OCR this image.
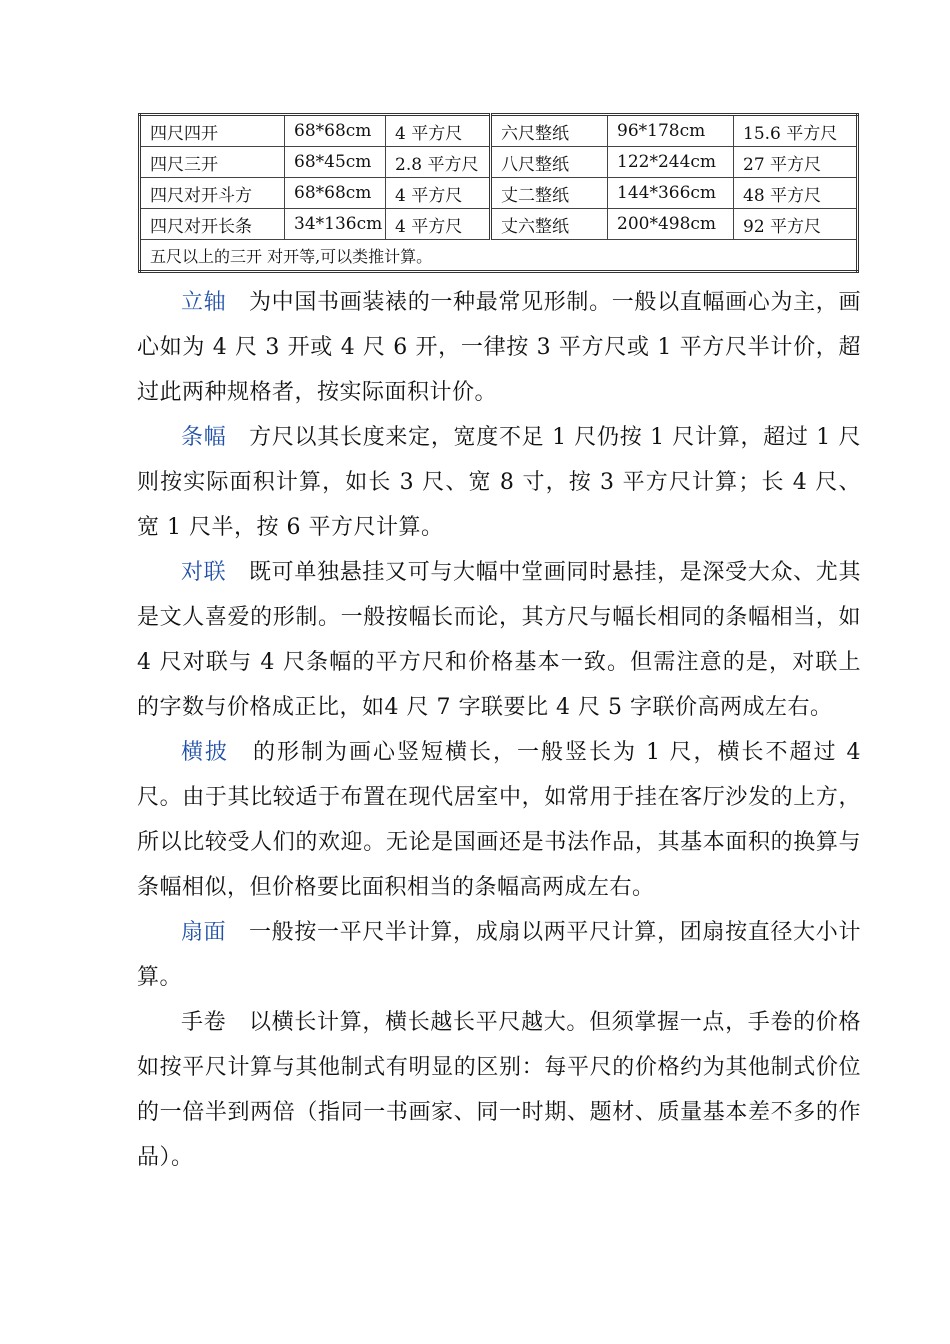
四尺四开	68*68cm	4 平方尺	六尺整纸	96*178cm	15.6 平方尺
四尺三开	68*45cm	2.8 平方尺	八尺整纸	122*244cm	27 平方尺
四尺对开斗方	68*68cm	4 平方尺	丈二整纸	144*366cm	48 平方尺
四尺对开长条	34*136cm	4 平方尺	丈六整纸	200*498cm	92 平方尺
五尺以上的三开 对开等,可以类推计算。					

立轴　 为中国书画装裱的一种最常见形制。一般以直幅画心为主，画心如为 4 尺 3 开或 4 尺 6 开，一律按 3 平方尺或 1 平方尺半计价，超过此两种规格者，按实际面积计价。

条幅　 方尺以其长度来定，宽度不足 1 尺仍按 1 尺计算，超过 1 尺则按实际面积计算，如长 3 尺、宽 8 寸，按 3 平方尺计算；长 4 尺、宽 1 尺半，按 6 平方尺计算。

对联　 既可单独悬挂又可与大幅中堂画同时悬挂，是深受大众、尤其是文人喜爱的形制。一般按幅长而论，其方尺与幅长相同的条幅相当，如 4 尺对联与 4 尺条幅的平方尺和价格基本一致。但需注意的是，对联上的字数与价格成正比，如4 尺 7 字联要比 4 尺 5 字联价高两成左右。

横披　 的形制为画心竖短横长，一般竖长为 1 尺，横长不超过 4 尺。由于其比较适于布置在现代居室中，如常用于挂在客厅沙发的上方，所以比较受人们的欢迎。无论是国画还是书法作品，其基本面积的换算与条幅相似，但价格要比面积相当的条幅高两成左右。

扇面　 一般按一平尺半计算，成扇以两平尺计算，团扇按直径大小计算。

手卷　 以横长计算，横长越长平尺越大。但须掌握一点，手卷的价格如按平尺计算与其他制式有明显的区别：每平尺的价格约为其他制式价位的一倍半到两倍（指同一书画家、同一时期、题材、质量基本差不多的作品）。
